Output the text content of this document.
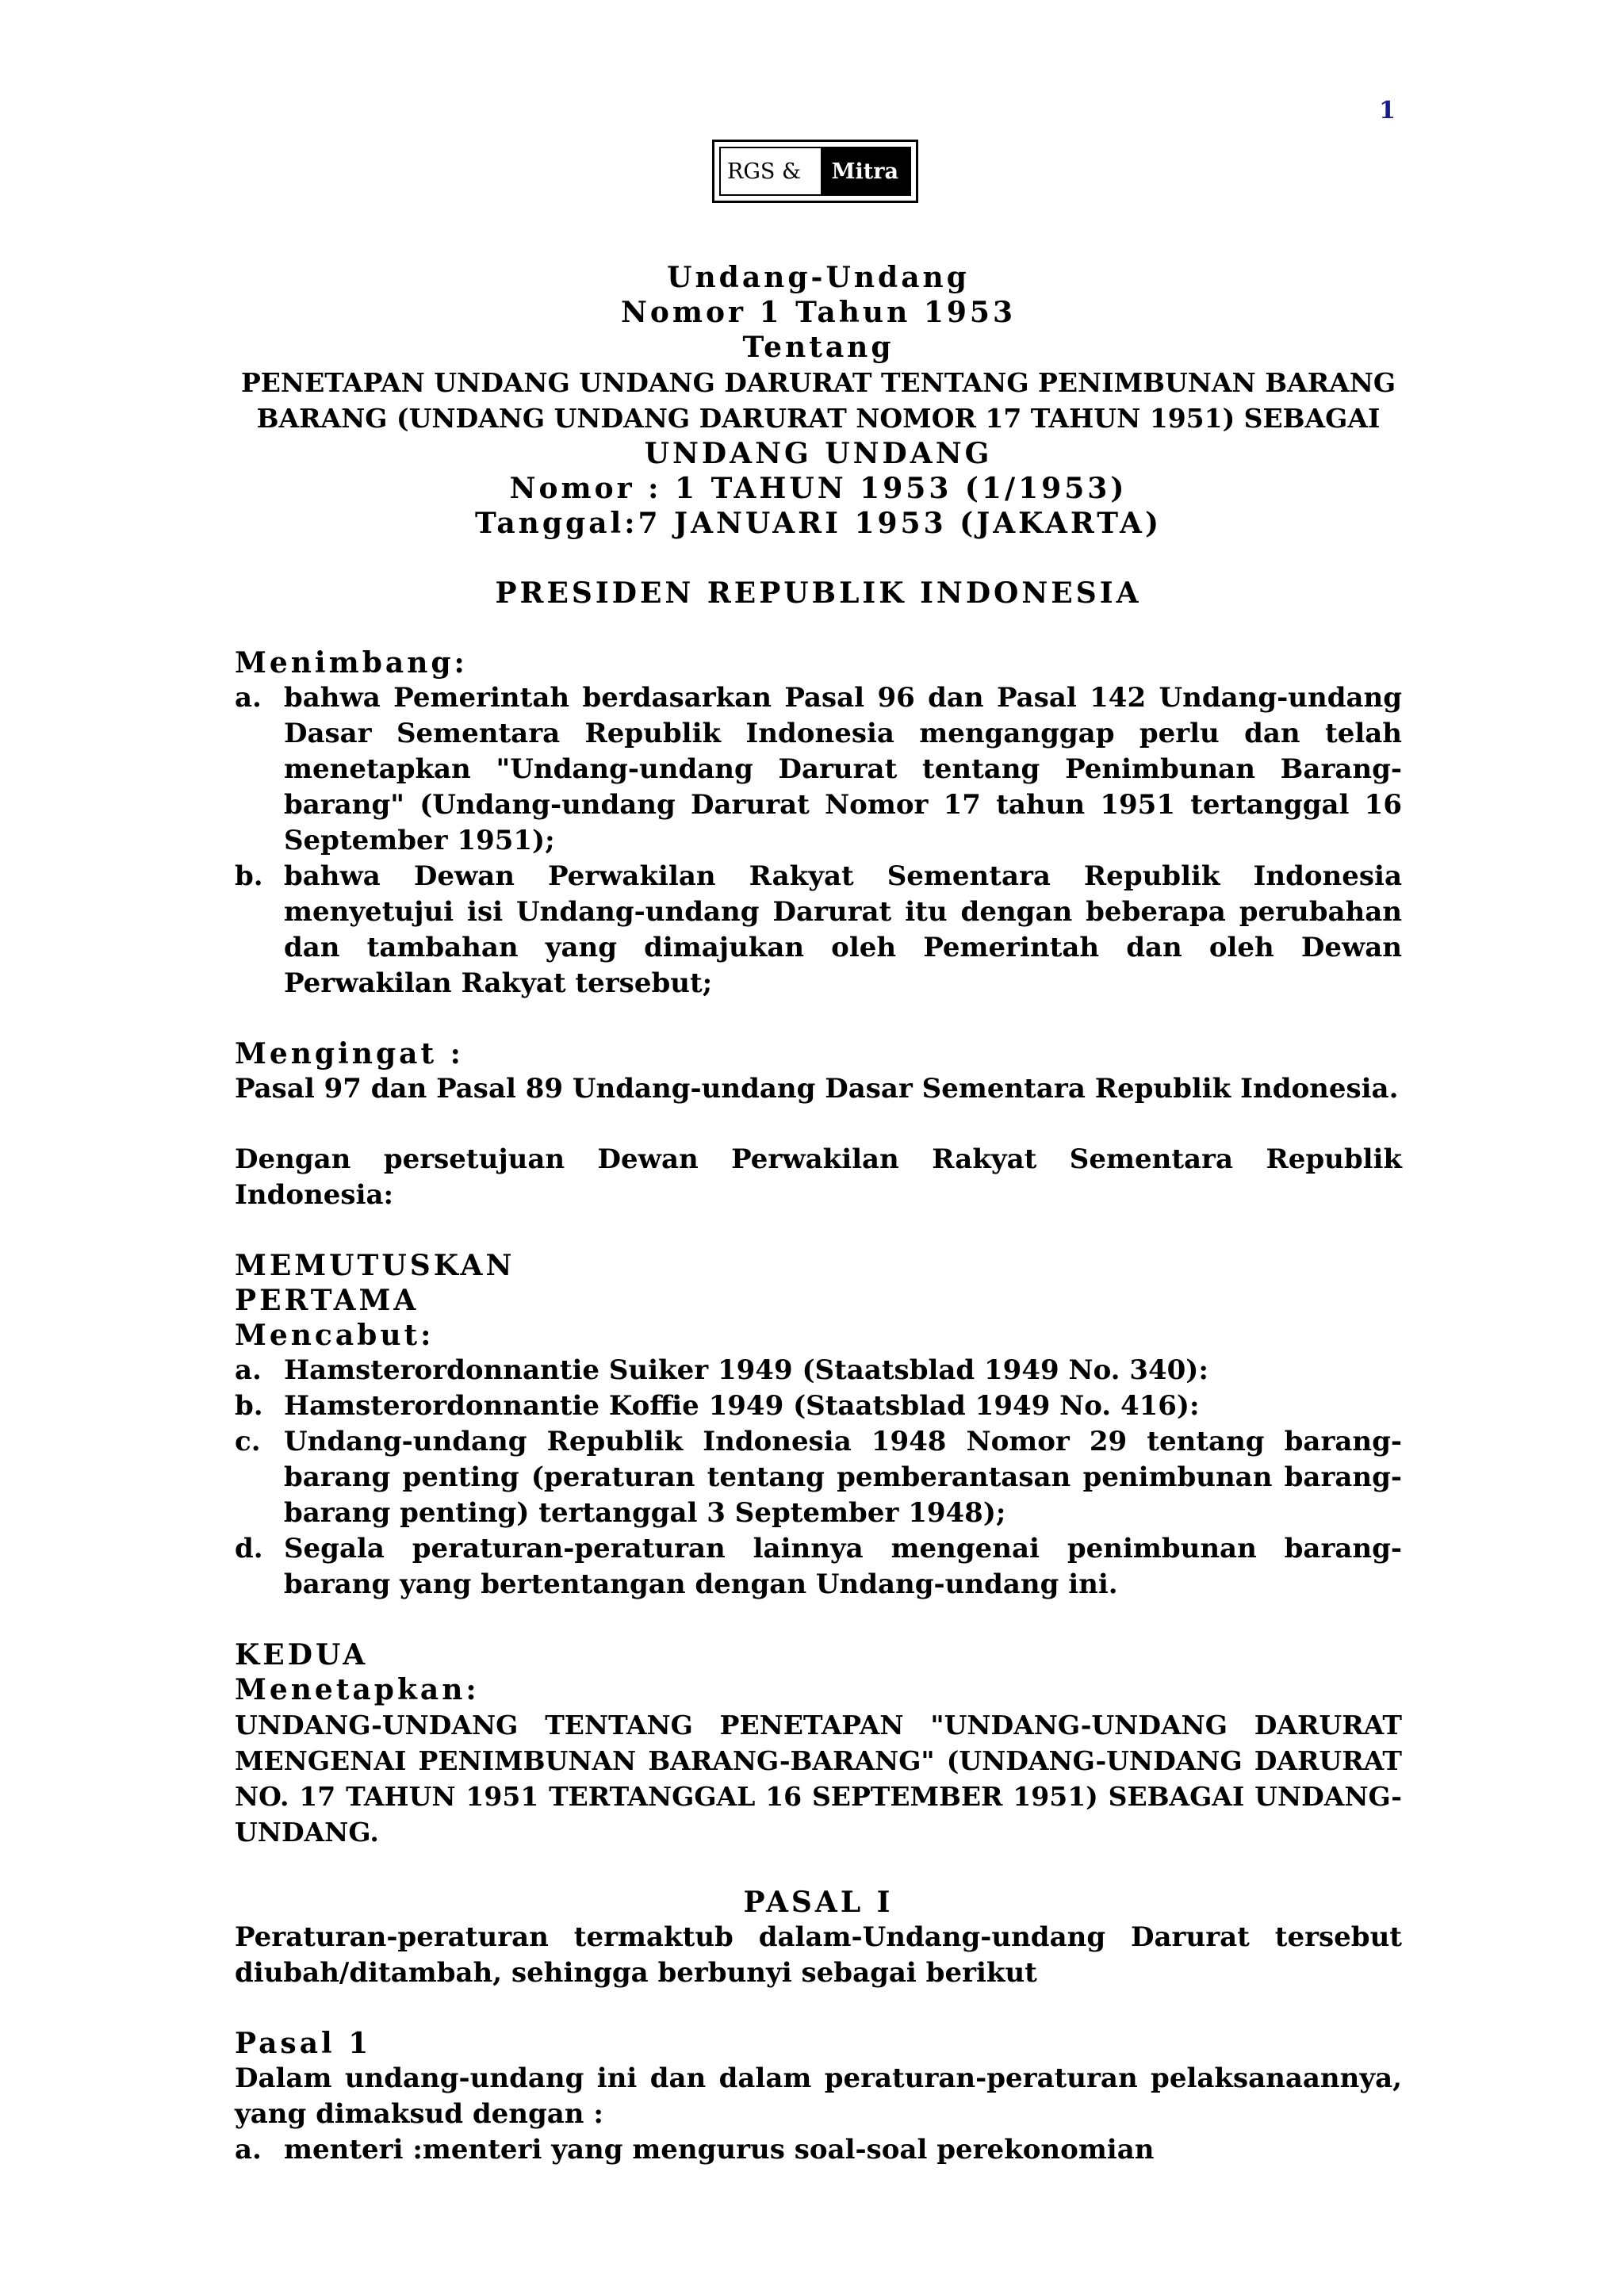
1
RGS &	Mitra
Undang-Undang
Nomor 1 Tahun 1953
Tentang
PENETAPAN UNDANG UNDANG DARURAT TENTANG PENIMBUNAN BARANG
BARANG (UNDANG UNDANG DARURAT NOMOR 17 TAHUN 1951) SEBAGAI
UNDANG UNDANG
Nomor : 1 TAHUN 1953 (1/1953)
Tanggal:7 JANUARI 1953 (JAKARTA)
PRESIDEN REPUBLIK INDONESIA
Menimbang:
a. bahwa Pemerintah berdasarkan Pasal 96 dan Pasal 142 Undang-undang Dasar Sementara Republik Indonesia menganggap perlu dan telah menetapkan "Undang-undang Darurat tentang Penimbunan Barang-barang" (Undang-undang Darurat Nomor 17 tahun 1951 tertanggal 16 September 1951);
b. bahwa Dewan Perwakilan Rakyat Sementara Republik Indonesia menyetujui isi Undang-undang Darurat itu dengan beberapa perubahan dan tambahan yang dimajukan oleh Pemerintah dan oleh Dewan Perwakilan Rakyat tersebut;
Mengingat :
Pasal 97 dan Pasal 89 Undang-undang Dasar Sementara Republik Indonesia.
Dengan persetujuan Dewan Perwakilan Rakyat Sementara Republik Indonesia:
MEMUTUSKAN
PERTAMA
Mencabut:
a. Hamsterordonnantie Suiker 1949 (Staatsblad 1949 No. 340):
b. Hamsterordonnantie Koffie 1949 (Staatsblad 1949 No. 416):
c. Undang-undang Republik Indonesia 1948 Nomor 29 tentang barang-barang penting (peraturan tentang pemberantasan penimbunan barang-barang penting) tertanggal 3 September 1948);
d. Segala peraturan-peraturan lainnya mengenai penimbunan barang-barang yang bertentangan dengan Undang-undang ini.
KEDUA
Menetapkan:
UNDANG-UNDANG TENTANG PENETAPAN "UNDANG-UNDANG DARURAT MENGENAI PENIMBUNAN BARANG-BARANG" (UNDANG-UNDANG DARURAT NO. 17 TAHUN 1951 TERTANGGAL 16 SEPTEMBER 1951) SEBAGAI UNDANG-UNDANG.
PASAL I
Peraturan-peraturan termaktub dalam-Undang-undang Darurat tersebut diubah/ditambah, sehingga berbunyi sebagai berikut
Pasal 1
Dalam undang-undang ini dan dalam peraturan-peraturan pelaksanaannya, yang dimaksud dengan :
a. menteri :menteri yang mengurus soal-soal perekonomian
